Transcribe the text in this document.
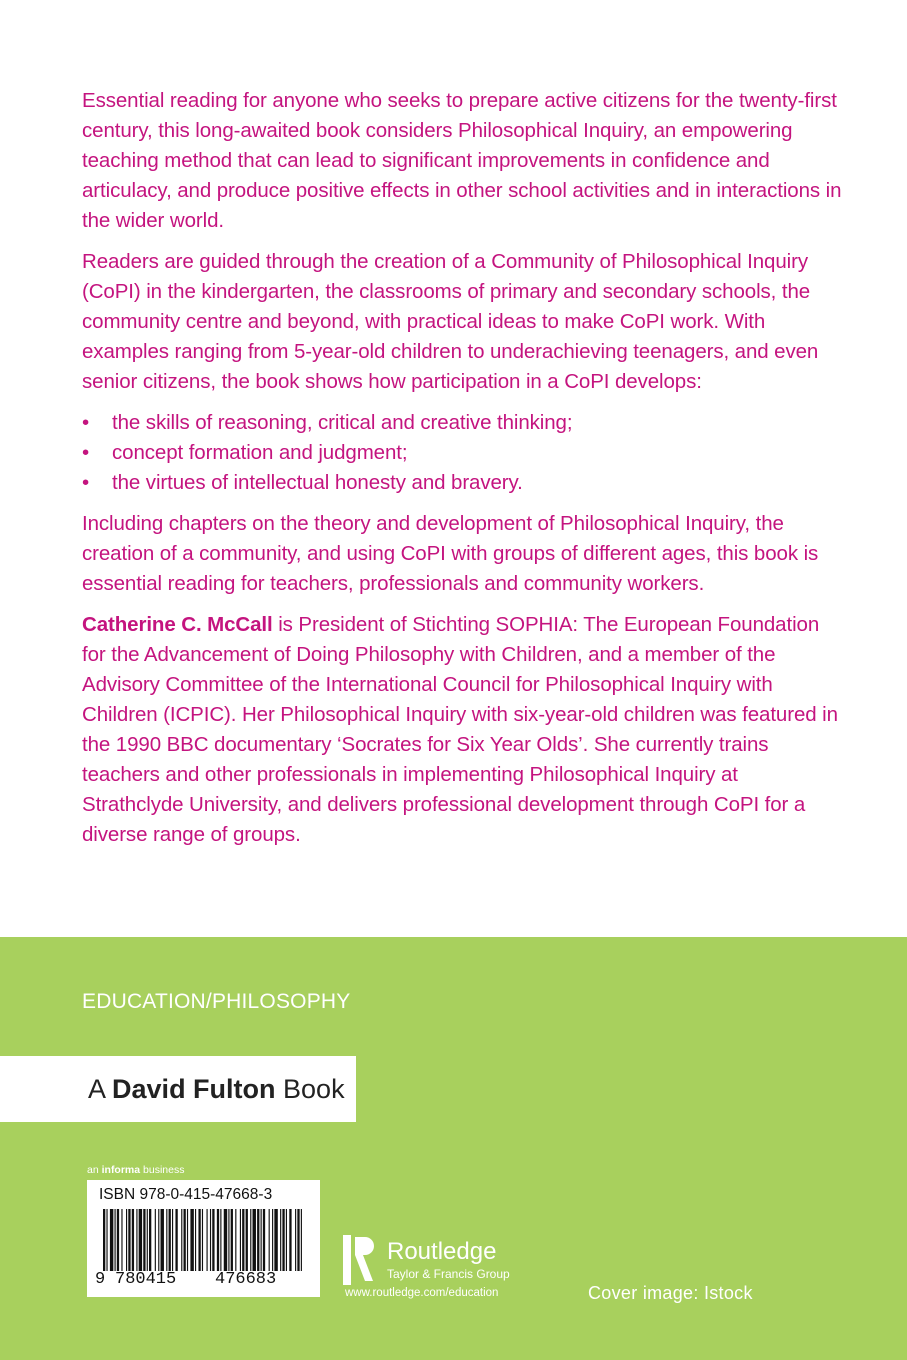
Essential reading for anyone who seeks to prepare active citizens for the twenty-first century, this long-awaited book considers Philosophical Inquiry, an empowering teaching method that can lead to significant improvements in confidence and articulacy, and produce positive effects in other school activities and in interactions in the wider world.

Readers are guided through the creation of a Community of Philosophical Inquiry (CoPI) in the kindergarten, the classrooms of primary and secondary schools, the community centre and beyond, with practical ideas to make CoPI work. With examples ranging from 5-year-old children to underachieving teenagers, and even senior citizens, the book shows how participation in a CoPI develops:

• the skills of reasoning, critical and creative thinking;
• concept formation and judgment;
• the virtues of intellectual honesty and bravery.

Including chapters on the theory and development of Philosophical Inquiry, the creation of a community, and using CoPI with groups of different ages, this book is essential reading for teachers, professionals and community workers.

Catherine C. McCall is President of Stichting SOPHIA: The European Foundation for the Advancement of Doing Philosophy with Children, and a member of the Advisory Committee of the International Council for Philosophical Inquiry with Children (ICPIC). Her Philosophical Inquiry with six-year-old children was featured in the 1990 BBC documentary ‘Socrates for Six Year Olds’. She currently trains teachers and other professionals in implementing Philosophical Inquiry at Strathclyde University, and delivers professional development through CoPI for a diverse range of groups.

EDUCATION/PHILOSOPHY
A David Fulton Book
an informa business
ISBN 978-0-415-47668-3
9 780415 476683
Routledge
Taylor & Francis Group
www.routledge.com/education	Cover image: Istock
